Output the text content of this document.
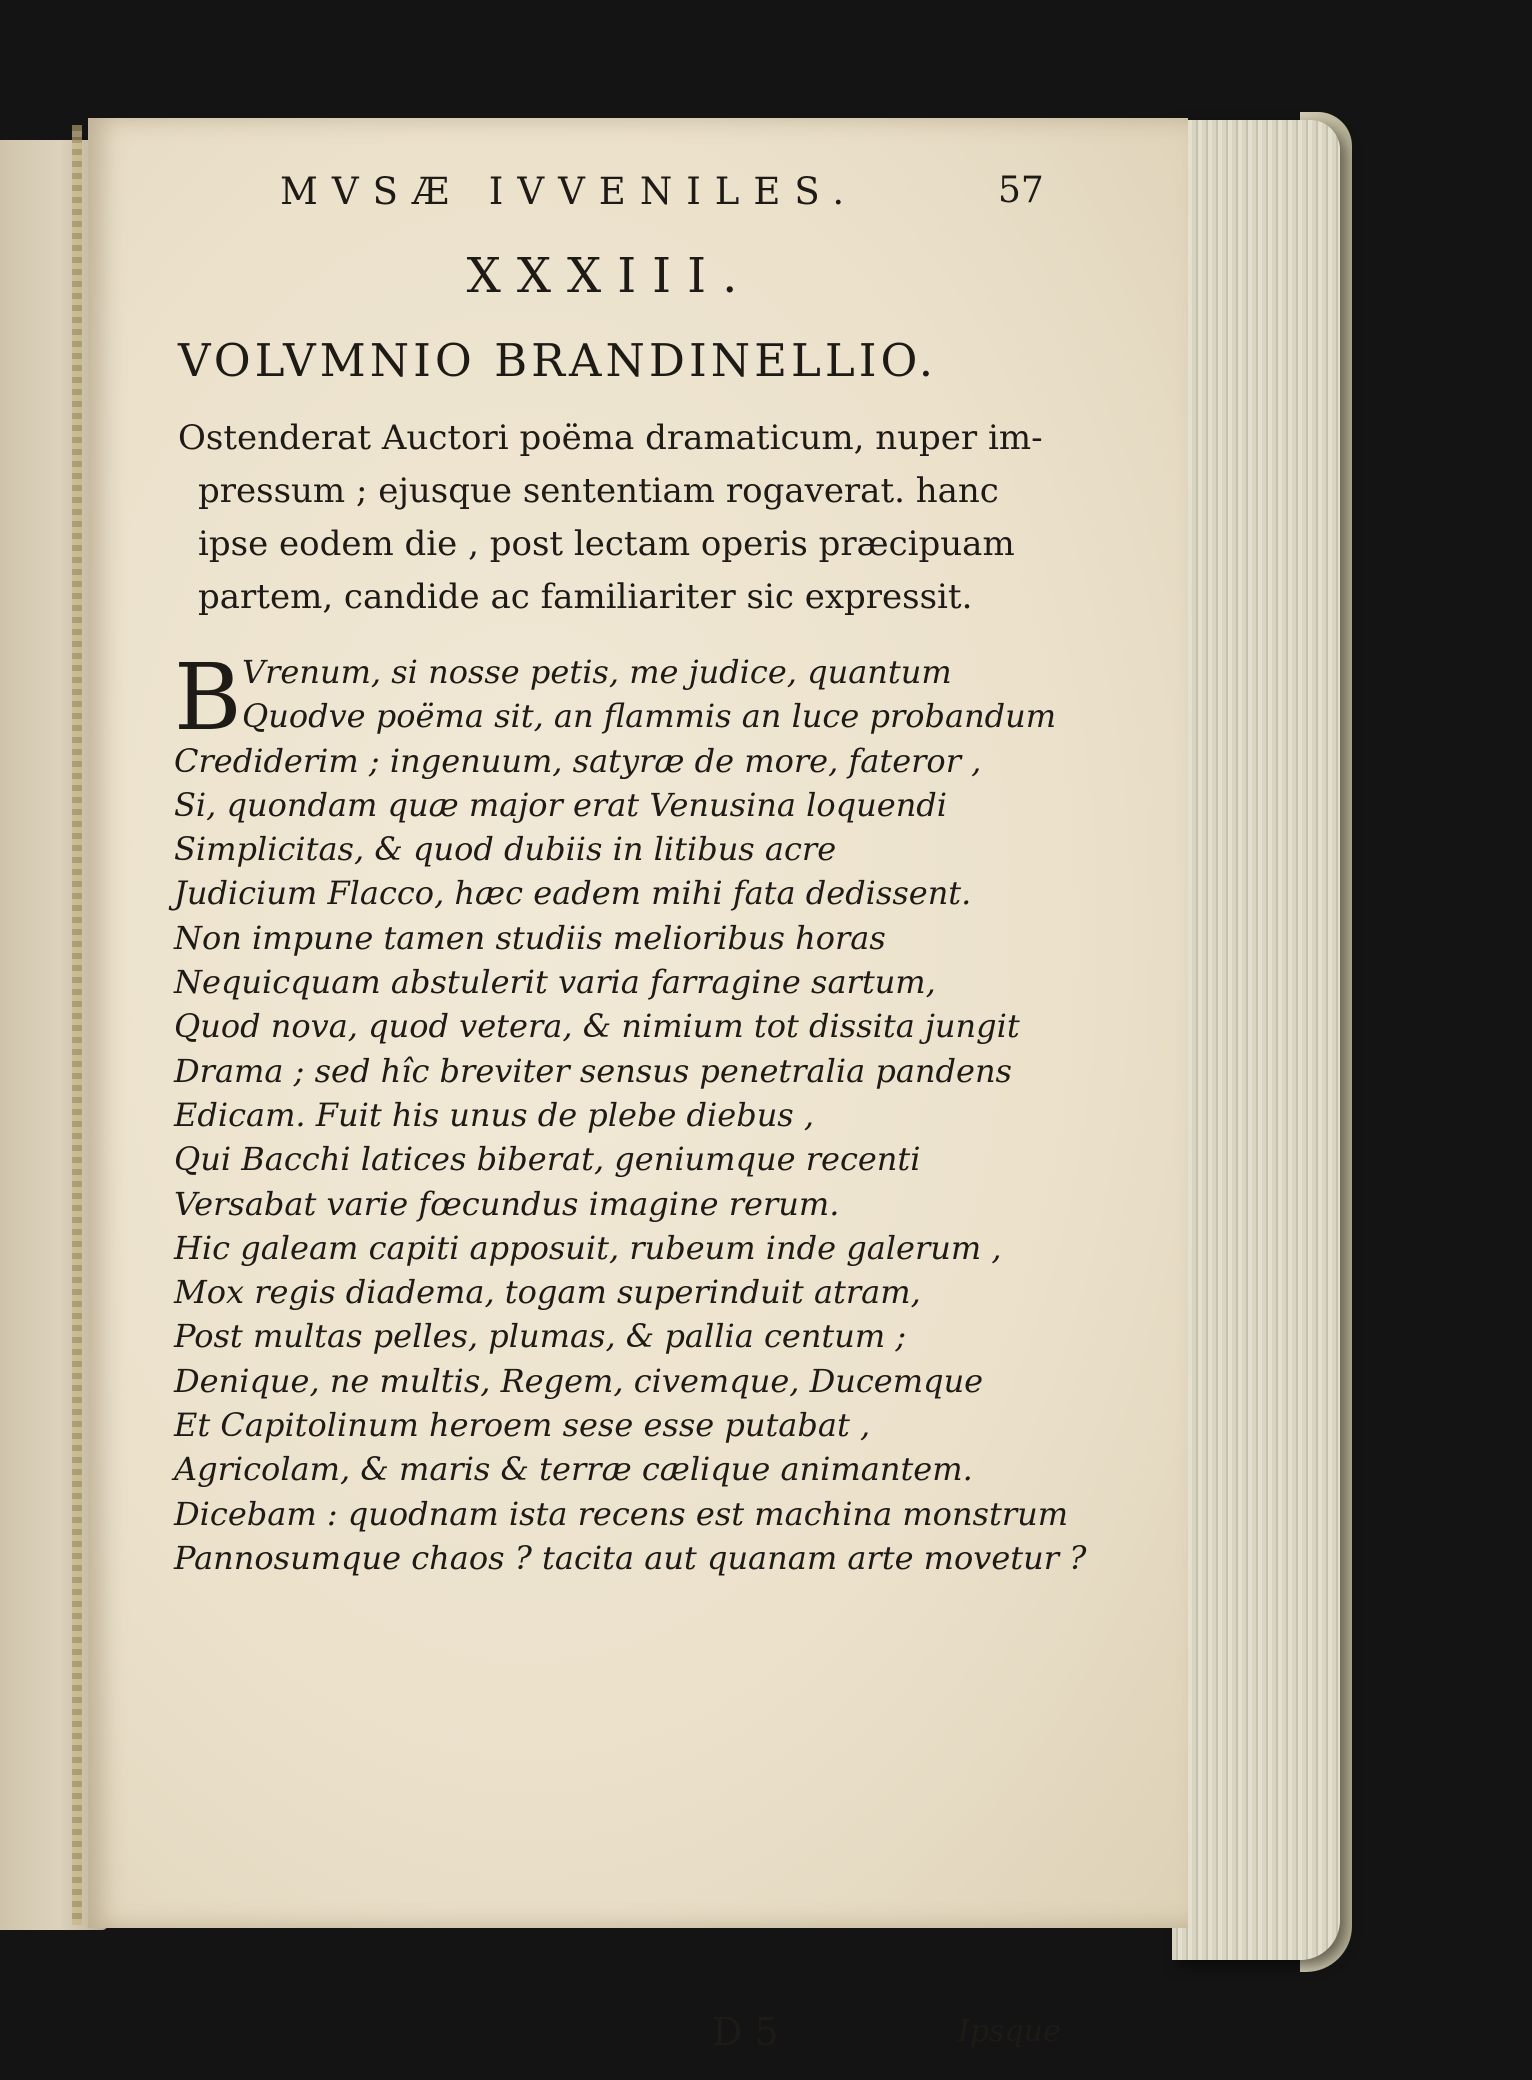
MVSÆ IVVENILES.	57
XXXIII.
VOLVMNIO BRANDINELLIO.
Ostenderat Auctori poëma dramaticum, nuper im-
pressum ; ejusque sententiam rogaverat. hanc
ipse eodem die , post lectam operis præcipuam
partem, candide ac familiariter sic expressit.
B Vrenum, si nosse petis, me judice, quantum
Quodve poëma sit, an flammis an luce probandum
Crediderim ; ingenuum, satyræ de more, fateror ,
Si, quondam quæ major erat Venusina loquendi
Simplicitas, & quod dubiis in litibus acre
Judicium Flacco, hæc eadem mihi fata dedissent.
Non impune tamen studiis melioribus horas
Nequicquam abstulerit varia farragine sartum,
Quod nova, quod vetera, & nimium tot dissita jungit
Drama ; sed hîc breviter sensus penetralia pandens
Edicam. Fuit his unus de plebe diebus ,
Qui Bacchi latices biberat, geniumque recenti
Versabat varie fœcundus imagine rerum.
Hic galeam capiti apposuit, rubeum inde galerum ,
Mox regis diadema, togam superinduit atram,
Post multas pelles, plumas, & pallia centum ;
Denique, ne multis, Regem, civemque, Ducemque
Et Capitolinum heroem sese esse putabat ,
Agricolam, & maris & terræ cælique animantem.
Dicebam : quodnam ista recens est machina monstrum
Pannosumque chaos ? tacita aut quanam arte movetur ?
D 5	Ipsque
